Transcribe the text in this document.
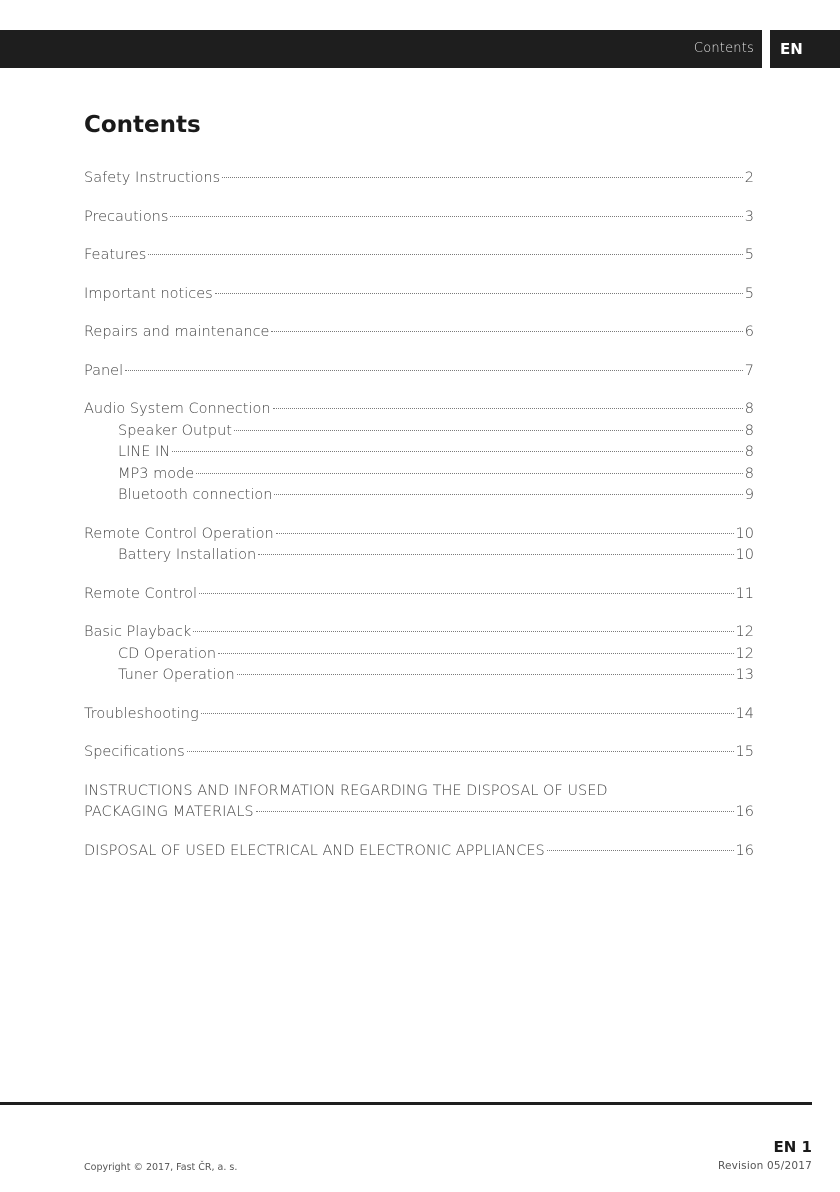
Contents	EN
Contents
Safety Instructions	2
Precautions	3
Features	5
Important notices	5
Repairs and maintenance	6
Panel	7
Audio System Connection	8
Speaker Output	8
LINE IN	8
MP3 mode	8
Bluetooth connection	9
Remote Control Operation	10
Battery Installation	10
Remote Control	11
Basic Playback	12
CD Operation	12
Tuner Operation	13
Troubleshooting	14
Specifications	15
INSTRUCTIONS AND INFORMATION REGARDING THE DISPOSAL OF USED
PACKAGING MATERIALS	16
DISPOSAL OF USED ELECTRICAL AND ELECTRONIC APPLIANCES	16
EN 1
Copyright © 2017, Fast ČR, a. s.	Revision 05/2017
